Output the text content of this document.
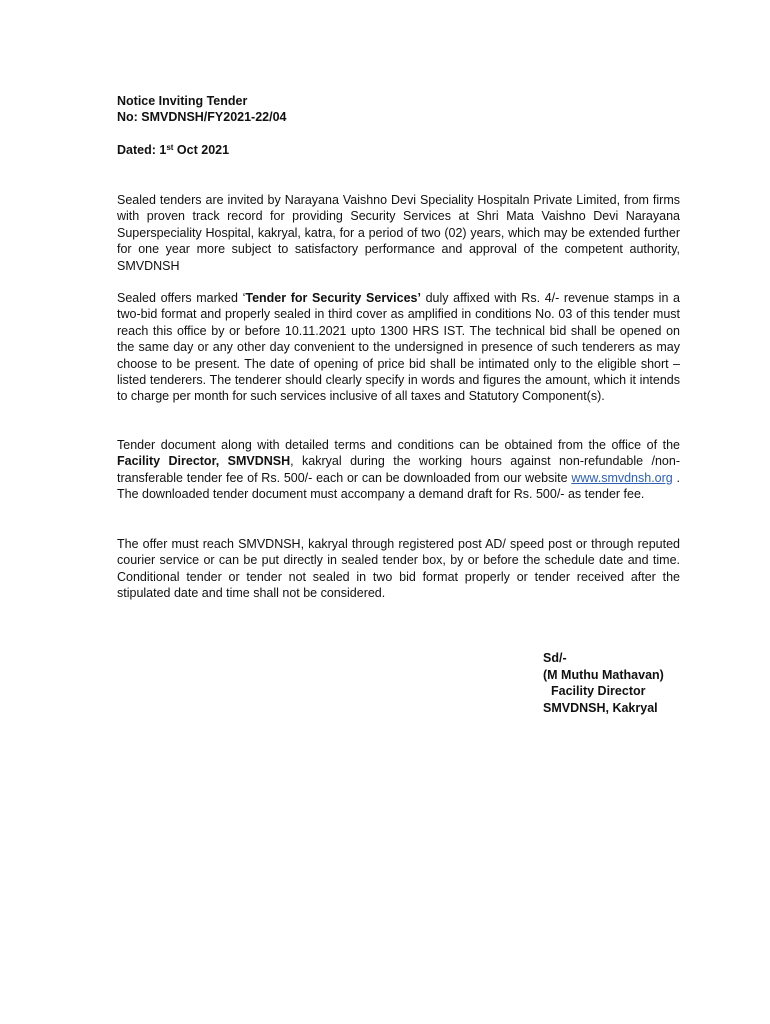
Notice Inviting Tender
No: SMVDNSH/FY2021-22/04
Dated: 1st Oct 2021

Sealed tenders are invited by Narayana Vaishno Devi Speciality Hospitaln Private Limited, from firms with proven track record for providing Security Services at Shri Mata Vaishno Devi Narayana Superspeciality Hospital, kakryal, katra, for a period of two (02) years, which may be extended further for one year more subject to satisfactory performance and approval of the competent authority, SMVDNSH

Sealed offers marked ‘Tender for Security Services’ duly affixed with Rs. 4/- revenue stamps in a two-bid format and properly sealed in third cover as amplified in conditions No. 03 of this tender must reach this office by or before 10.11.2021 upto 1300 HRS IST. The technical bid shall be opened on the same day or any other day convenient to the undersigned in presence of such tenderers as may choose to be present. The date of opening of price bid shall be intimated only to the eligible short – listed tenderers. The tenderer should clearly specify in words and figures the amount, which it intends to charge per month for such services inclusive of all taxes and Statutory Component(s).

Tender document along with detailed terms and conditions can be obtained from the office of the Facility Director, SMVDNSH, kakryal during the working hours against non-refundable /non-transferable tender fee of Rs. 500/- each or can be downloaded from our website www.smvdnsh.org . The downloaded tender document must accompany a demand draft for Rs. 500/- as tender fee.

The offer must reach SMVDNSH, kakryal through registered post AD/ speed post or through reputed courier service or can be put directly in sealed tender box, by or before the schedule date and time. Conditional tender or tender not sealed in two bid format properly or tender received after the stipulated date and time shall not be considered.

Sd/-
(M Muthu Mathavan)
Facility Director
SMVDNSH, Kakryal
